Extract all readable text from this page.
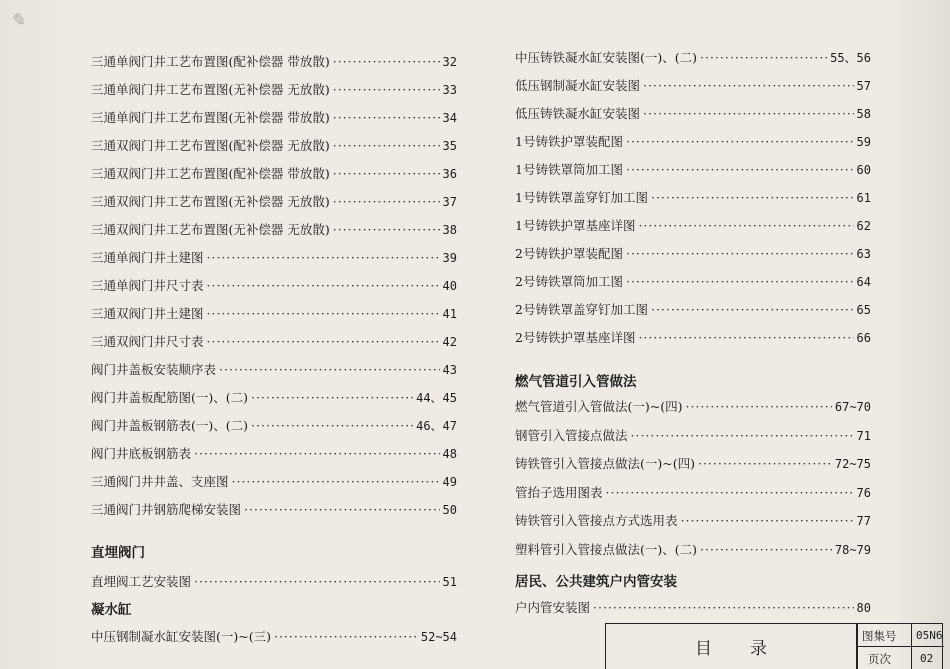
✎
三通单阀门井工艺布置图(配补偿器 带放散) ·····	32
三通单阀门井工艺布置图(无补偿器 无放散) ·····	33
三通单阀门井工艺布置图(无补偿器 带放散) ·····	34
三通双阀门井工艺布置图(配补偿器 无放散) ·····	35
三通双阀门井工艺布置图(配补偿器 带放散) ·····	36
三通双阀门井工艺布置图(无补偿器 无放散) ·····	37
三通双阀门井工艺布置图(无补偿器 无放散) ·····	38
三通单阀门井土建图 ·····	39
三通单阀门井尺寸表 ·····	40
三通双阀门井土建图 ·····	41
三通双阀门井尺寸表 ·····	42
阀门井盖板安装顺序表 ·····	43
阀门井盖板配筋图(一)、(二) ·····	44、45
阀门井盖板钢筋表(一)、(二) ·····	46、47
阀门井底板钢筋表 ·····	48
三通阀门井井盖、支座图 ·····	49
三通阀门井钢筋爬梯安装图 ·····	50
直埋阀门
直埋阀工艺安装图 ·····	51
凝水缸
中压钢制凝水缸安装图(一)~(三) ·····	52~54
中压铸铁凝水缸安装图(一)、(二) ·····	55、56
低压钢制凝水缸安装图 ·····	57
低压铸铁凝水缸安装图 ·····	58
1号铸铁护罩装配图 ·····	59
1号铸铁罩筒加工图 ·····	60
1号铸铁罩盖穿钉加工图 ·····	61
1号铸铁护罩基座详图 ·····	62
2号铸铁护罩装配图 ·····	63
2号铸铁罩筒加工图 ·····	64
2号铸铁罩盖穿钉加工图 ·····	65
2号铸铁护罩基座详图 ·····	66
燃气管道引入管做法
燃气管道引入管做法(一)~(四) ·····	67~70
钢管引入管接点做法 ·····	71
铸铁管引入管接点做法(一)~(四) ·····	72~75
管抬子选用图表 ·····	76
铸铁管引入管接点方式选用表 ·····	77
塑料管引入管接点做法(一)、(二) ·····	78~79
居民、公共建筑户内管安装
户内管安装图 ·····	80
目录
图集号 05N6
页次	02
